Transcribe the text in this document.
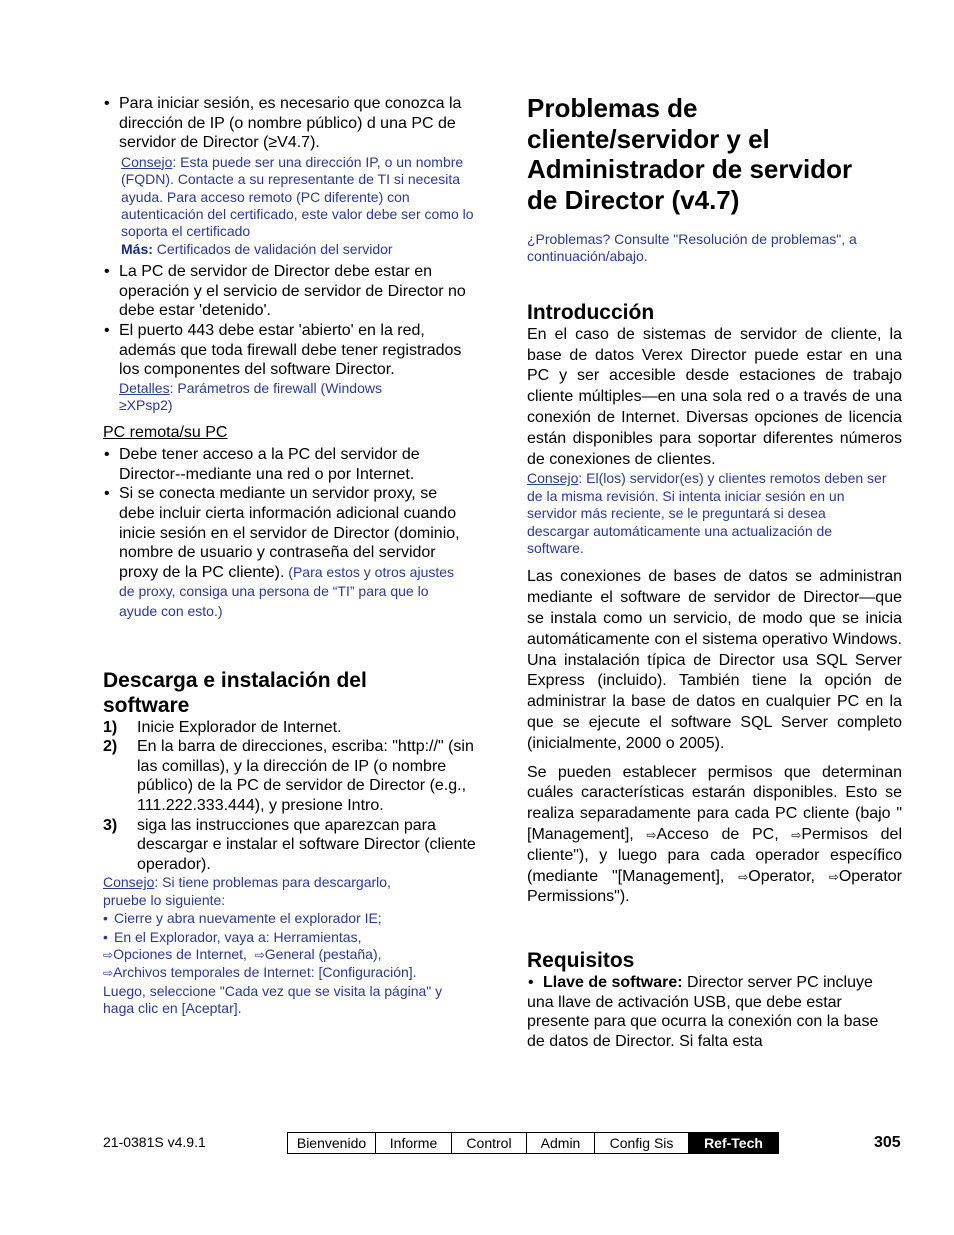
• Para iniciar sesión, es necesario que conozca la dirección de IP (o nombre público) d una PC de servidor de Director (≥V4.7).
Consejo: Esta puede ser una dirección IP, o un nombre (FQDN). Contacte a su representante de TI si necesita ayuda. Para acceso remoto (PC diferente) con autenticación del certificado, este valor debe ser como lo soporta el certificado
Más: Certificados de validación del servidor
• La PC de servidor de Director debe estar en operación y el servicio de servidor de Director no debe estar 'detenido'.
• El puerto 443 debe estar 'abierto' en la red, además que toda firewall debe tener registrados los componentes del software Director.
Detalles: Parámetros de firewall (Windows ≥XPsp2)
PC remota/su PC
• Debe tener acceso a la PC del servidor de Director--mediante una red o por Internet.
• Si se conecta mediante un servidor proxy, se debe incluir cierta información adicional cuando inicie sesión en el servidor de Director (dominio, nombre de usuario y contraseña del servidor proxy de la PC cliente). (Para estos y otros ajustes de proxy, consiga una persona de “TI” para que lo ayude con esto.)
Descarga e instalación del software
1) Inicie Explorador de Internet.
2) En la barra de direcciones, escriba: "http://" (sin las comillas), y la dirección de IP (o nombre público) de la PC de servidor de Director (e.g., 111.222.333.444), y presione Intro.
3) siga las instrucciones que aparezcan para descargar e instalar el software Director (cliente operador).
Consejo: Si tiene problemas para descargarlo, pruebe lo siguiente:
• Cierre y abra nuevamente el explorador IE;
• En el Explorador, vaya a: Herramientas,
⇨Opciones de Internet, ⇨General (pestaña),
⇨Archivos temporales de Internet: [Configuración]. Luego, seleccione "Cada vez que se visita la página" y haga clic en [Aceptar].
Problemas de cliente/servidor y el Administrador de servidor de Director (v4.7)
¿Problemas? Consulte "Resolución de problemas", a continuación/abajo.
Introducción
En el caso de sistemas de servidor de cliente, la base de datos Verex Director puede estar en una PC y ser accesible desde estaciones de trabajo cliente múltiples—en una sola red o a través de una conexión de Internet. Diversas opciones de licencia están disponibles para soportar diferentes números de conexiones de clientes.
Consejo: El(los) servidor(es) y clientes remotos deben ser de la misma revisión. Si intenta iniciar sesión en un servidor más reciente, se le preguntará si desea descargar automáticamente una actualización de software.
Las conexiones de bases de datos se administran mediante el software de servidor de Director—que se instala como un servicio, de modo que se inicia automáticamente con el sistema operativo Windows. Una instalación típica de Director usa SQL Server Express (incluido). También tiene la opción de administrar la base de datos en cualquier PC en la que se ejecute el software SQL Server completo (inicialmente, 2000 o 2005).
Se pueden establecer permisos que determinan cuáles características estarán disponibles. Esto se realiza separadamente para cada PC cliente (bajo "[Management], ⇨Acceso de PC, ⇨Permisos del cliente"), y luego para cada operador específico (mediante "[Management], ⇨Operator, ⇨Operator Permissions").
Requisitos
• Llave de software: Director server PC incluye una llave de activación USB, que debe estar presente para que ocurra la conexión con la base de datos de Director. Si falta esta
21-0381S v4.9.1	Bienvenido	Informe	Control	Admin	Config Sis	Ref-Tech	305
